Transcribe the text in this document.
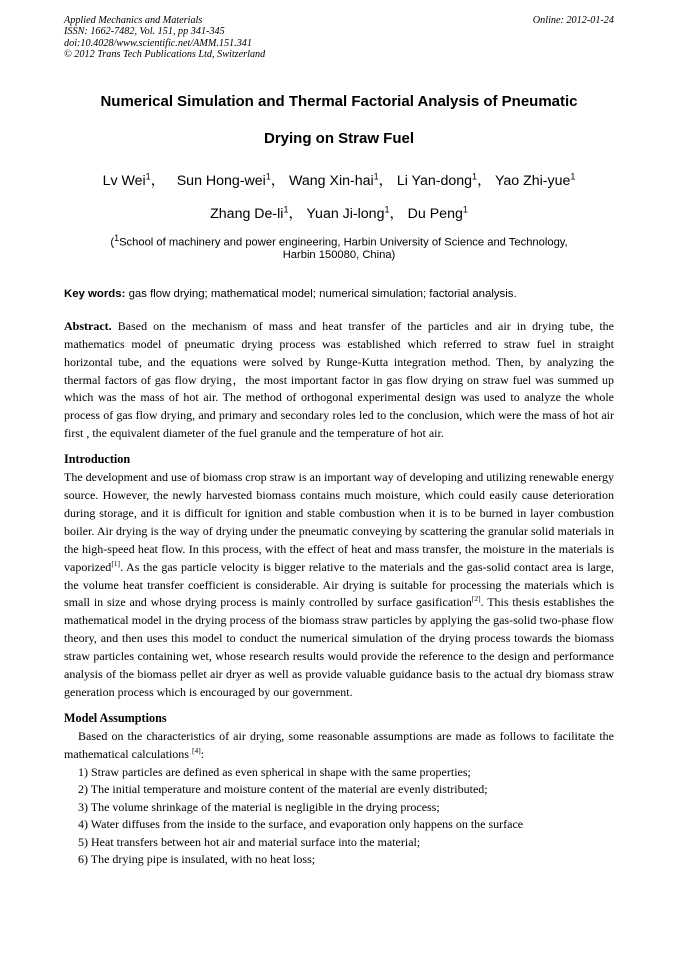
Applied Mechanics and Materials
ISSN: 1662-7482, Vol. 151, pp 341-345
doi:10.4028/www.scientific.net/AMM.151.341
© 2012 Trans Tech Publications Ltd, Switzerland
Online: 2012-01-24
Numerical Simulation and Thermal Factorial Analysis of Pneumatic
Drying on Straw Fuel
Lv Wei$^1$， Sun Hong-wei$^1$， Wang Xin-hai$^1$， Li Yan-dong$^1$， Yao Zhi-yue$^1$
Zhang $De-li^1$， Yuan Ji-long$^1$， Du Peng$^1$
($^1$School of machinery and power engineering, Harbin University of Science and Technology,
Harbin 150080, China)
Key words: gas flow drying; mathematical model; numerical simulation; factorial analysis.
Abstract. Based on the mechanism of mass and heat transfer of the particles and air in drying tube, the mathematics model of pneumatic drying process was established which referred to straw fuel in straight horizontal tube, and the equations were solved by Runge-Kutta integration method. Then, by analyzing the thermal factors of gas flow drying，the most important factor in gas flow drying on straw fuel was summed up which was the mass of hot air. The method of orthogonal experimental design was used to analyze the whole process of gas flow drying, and primary and secondary roles led to the conclusion, which were the mass of hot air first , the equivalent diameter of the fuel granule and the temperature of hot air.
Introduction
The development and use of biomass crop straw is an important way of developing and utilizing renewable energy source. However, the newly harvested biomass contains much moisture, which could easily cause deterioration during storage, and it is difficult for ignition and stable combustion when it is to be burned in layer combustion boiler. Air drying is the way of drying under the pneumatic conveying by scattering the granular solid materials in the high-speed heat flow. In this process, with the effect of heat and mass transfer, the moisture in the materials is vaporized[1]. As the gas particle velocity is bigger relative to the materials and the gas-solid contact area is large, the volume heat transfer coefficient is considerable. Air drying is suitable for processing the materials which is small in size and whose drying process is mainly controlled by surface gasification[2]. This thesis establishes the mathematical model in the drying process of the biomass straw particles by applying the gas-solid two-phase flow theory, and then uses this model to conduct the numerical simulation of the drying process towards the biomass straw particles containing wet, whose research results would provide the reference to the design and performance analysis of the biomass pellet air dryer as well as provide valuable guidance basis to the actual dry biomass straw generation process which is encouraged by our government.
Model Assumptions
Based on the characteristics of air drying, some reasonable assumptions are made as follows to facilitate the mathematical calculations [4]:
1) Straw particles are defined as even spherical in shape with the same properties;
2) The initial temperature and moisture content of the material are evenly distributed;
3) The volume shrinkage of the material is negligible in the drying process;
4) Water diffuses from the inside to the surface, and evaporation only happens on the surface
5) Heat transfers between hot air and material surface into the material;
6) The drying pipe is insulated, with no heat loss;
